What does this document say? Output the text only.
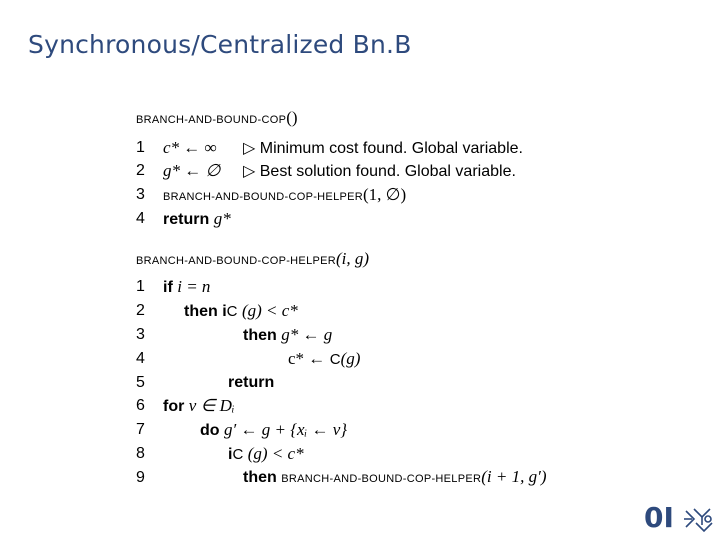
Synchronous/Centralized Bn.B
BRANCH-AND-BOUND-COP()
1	c* ← ∞ ▷ Minimum cost found. Global variable.
2	g* ← ∅ ▷ Best solution found. Global variable.
3	BRANCH-AND-BOUND-COP-HELPER(1, ∅)
4	return g*
BRANCH-AND-BOUND-COP-HELPER(i, g)
1	if i = n
2	then iC (g) < c*
3	then g* ← g
4	c* ← C(g)
5	return
6	for v ∈ Dᵢ
7	do g′ ← g + {xᵢ ← v}
8	iC (g) < c*
9	then BRANCH-AND-BOUND-COP-HELPER(i + 1, g′)
0I
